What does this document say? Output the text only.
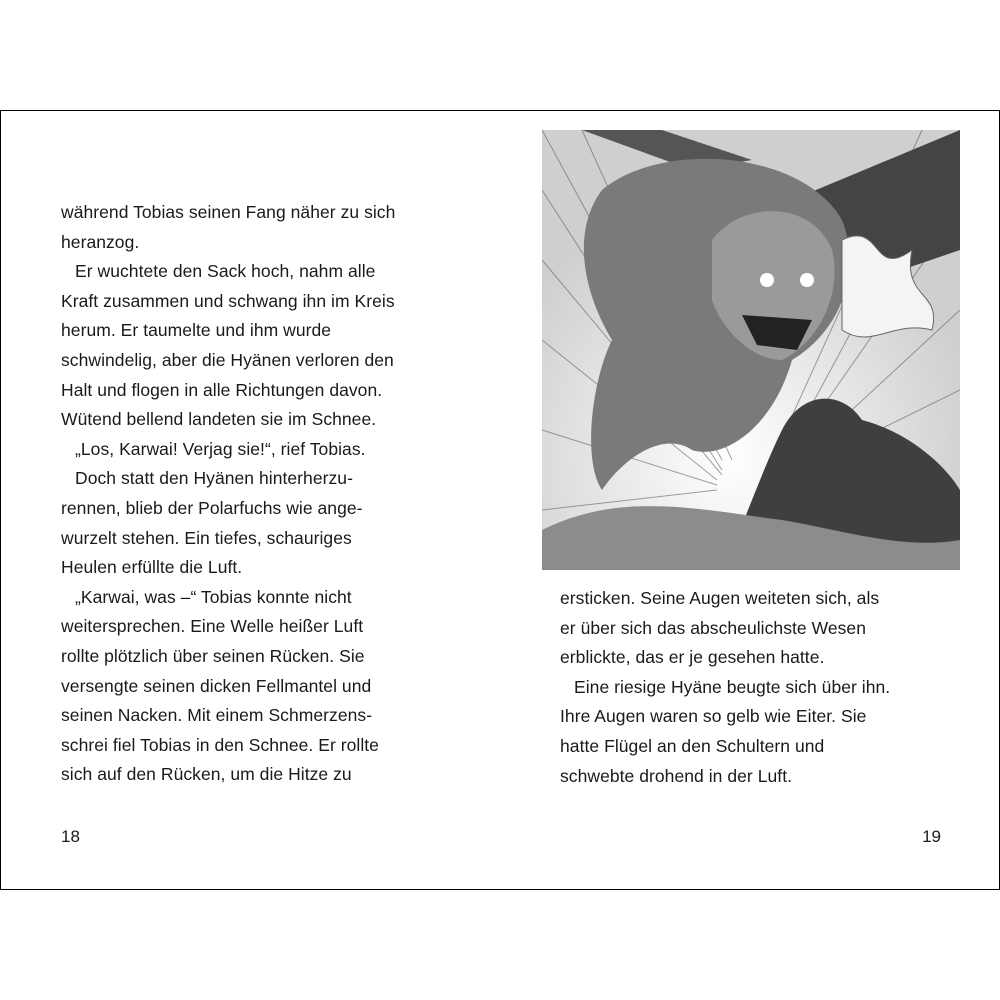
während Tobias seinen Fang näher zu sich
heranzog.
Er wuchtete den Sack hoch, nahm alle
Kraft zusammen und schwang ihn im Kreis
herum. Er taumelte und ihm wurde
schwindelig, aber die Hyänen verloren den
Halt und flogen in alle Richtungen davon.
Wütend bellend landeten sie im Schnee.
„Los, Karwai! Verjag sie!“, rief Tobias.
Doch statt den Hyänen hinterherzu-
rennen, blieb der Polarfuchs wie ange-
wurzelt stehen. Ein tiefes, schauriges
Heulen erfüllte die Luft.
„Karwai, was –“ Tobias konnte nicht
weitersprechen. Eine Welle heißer Luft
rollte plötzlich über seinen Rücken. Sie
versengte seinen dicken Fellmantel und
seinen Nacken. Mit einem Schmerzens-
schrei fiel Tobias in den Schnee. Er rollte
sich auf den Rücken, um die Hitze zu
18
ersticken. Seine Augen weiteten sich, als
er über sich das abscheulichste Wesen
erblickte, das er je gesehen hatte.
Eine riesige Hyäne beugte sich über ihn.
Ihre Augen waren so gelb wie Eiter. Sie
hatte Flügel an den Schultern und
schwebte drohend in der Luft.
19
